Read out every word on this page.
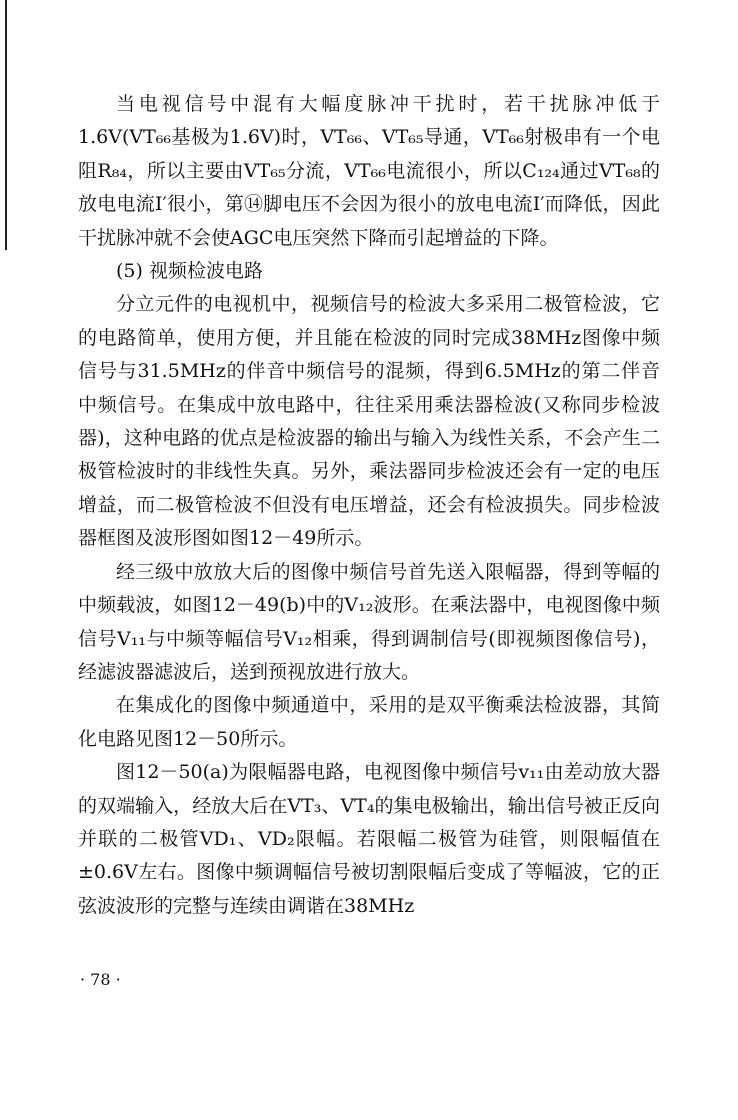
当电视信号中混有大幅度脉冲干扰时，若干扰脉冲低于1.6V(VT₆₆基极为1.6V)时，VT₆₆、VT₆₅导通，VT₆₆射极串有一个电阻R₈₄，所以主要由VT₆₅分流，VT₆₆电流很小，所以C₁₂₄通过VT₆₈的放电电流I′很小，第⑭脚电压不会因为很小的放电电流I′而降低，因此干扰脉冲就不会使AGC电压突然下降而引起增益的下降。

(5) 视频检波电路

分立元件的电视机中，视频信号的检波大多采用二极管检波，它的电路简单，使用方便，并且能在检波的同时完成38MHz图像中频信号与31.5MHz的伴音中频信号的混频，得到6.5MHz的第二伴音中频信号。在集成中放电路中，往往采用乘法器检波(又称同步检波器)，这种电路的优点是检波器的输出与输入为线性关系，不会产生二极管检波时的非线性失真。另外，乘法器同步检波还会有一定的电压增益，而二极管检波不但没有电压增益，还会有检波损失。同步检波器框图及波形图如图12－49所示。

经三级中放放大后的图像中频信号首先送入限幅器，得到等幅的中频载波，如图12－49(b)中的V₁₂波形。在乘法器中，电视图像中频信号V₁₁与中频等幅信号V₁₂相乘，得到调制信号(即视频图像信号)，经滤波器滤波后，送到预视放进行放大。

在集成化的图像中频通道中，采用的是双平衡乘法检波器，其简化电路见图12－50所示。

图12－50(a)为限幅器电路，电视图像中频信号v₁₁由差动放大器的双端输入，经放大后在VT₃、VT₄的集电极输出，输出信号被正反向并联的二极管VD₁、VD₂限幅。若限幅二极管为硅管，则限幅值在±0.6V左右。图像中频调幅信号被切割限幅后变成了等幅波，它的正弦波波形的完整与连续由调谐在38MHz

· 78 ·
